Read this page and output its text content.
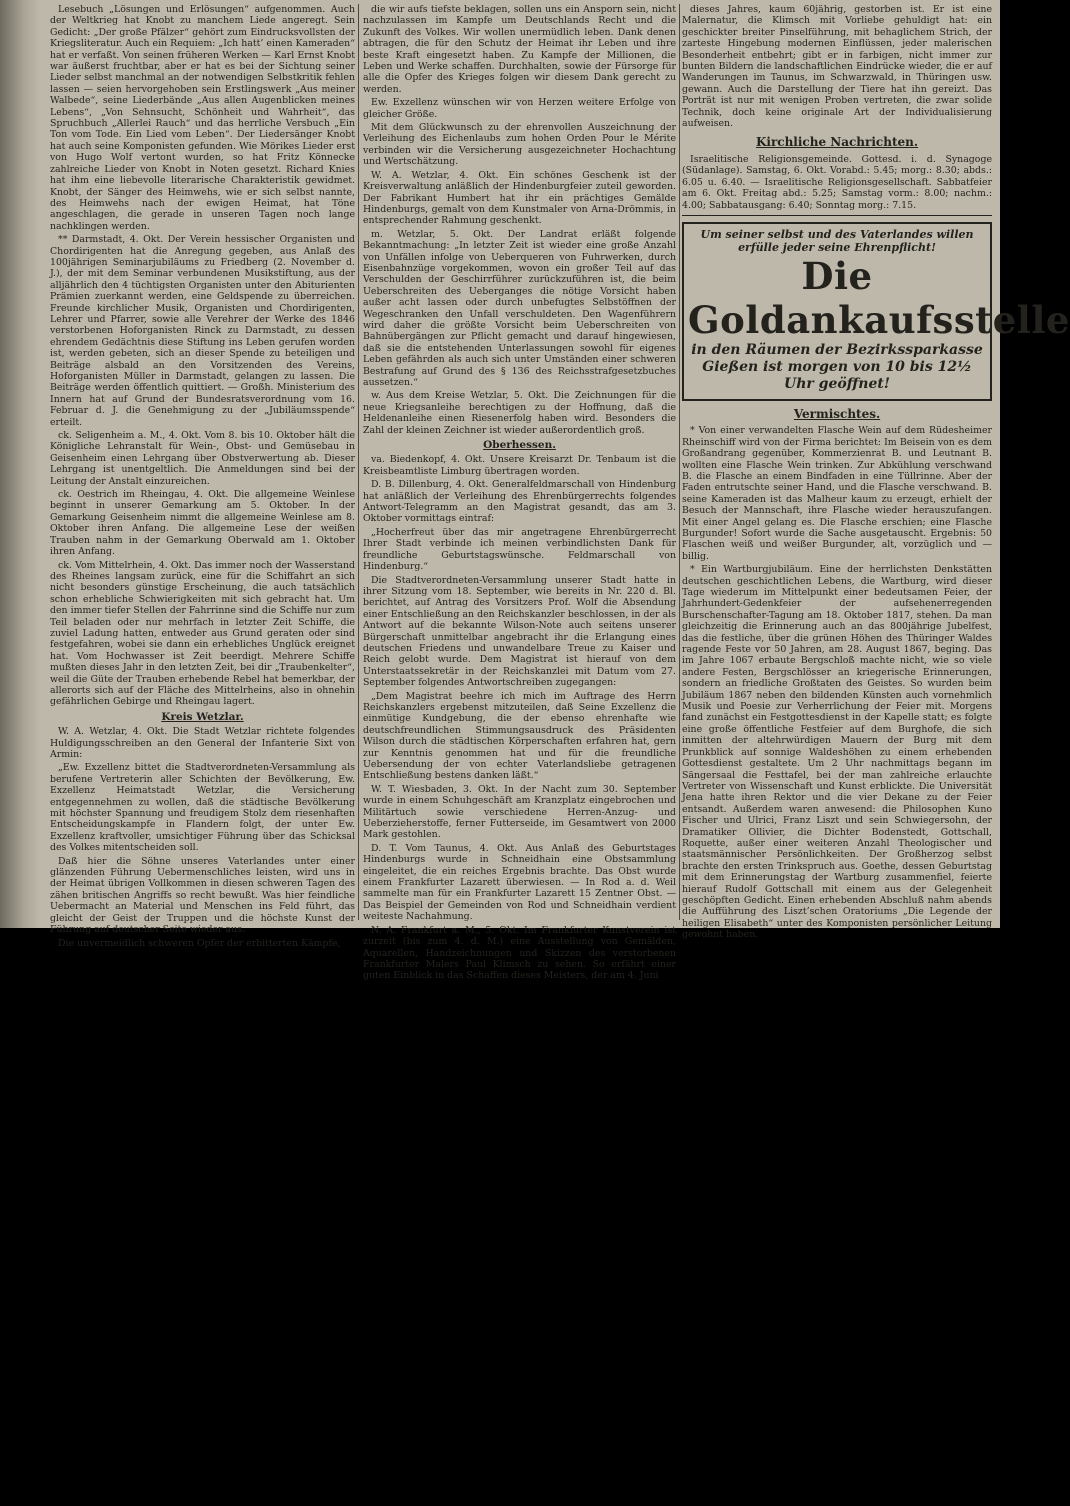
Lesebuch „Lösungen und Erlösungen“ aufgenommen. Auch der Weltkrieg hat Knobt zu manchem Liede angeregt. Sein Gedicht: „Der große Pfälzer“ gehört zum Eindrucksvollsten der Kriegsliteratur. Auch ein Requiem: „Ich hatt’ einen Kameraden“ hat er verfaßt. Von seinen früheren Werken — Karl Ernst Knobt war äußerst fruchtbar, aber er hat es bei der Sichtung seiner Lieder selbst manchmal an der notwendigen Selbstkritik fehlen lassen — seien hervorgehoben sein Erstlingswerk „Aus meiner Walbede“, seine Liederbände „Aus allen Augenblicken meines Lebens“, „Von Sehnsucht, Schönheit und Wahrheit“, das Spruchbuch „Allerlei Rauch“ und das herrliche Versbuch „Ein Ton vom Tode. Ein Lied vom Leben“. Der Liedersänger Knobt hat auch seine Komponisten gefunden. Wie Mörikes Lieder erst von Hugo Wolf vertont wurden, so hat Fritz Könnecke zahlreiche Lieder von Knobt in Noten gesetzt. Richard Knies hat ihm eine liebevolle literarische Charakteristik gewidmet. Knobt, der Sänger des Heimwehs, wie er sich selbst nannte, des Heimwehs nach der ewigen Heimat, hat Töne angeschlagen, die gerade in unseren Tagen noch lange nachklingen werden.

** Darmstadt, 4. Okt. Der Verein hessischer Organisten und Chordirigenten hat die Anregung gegeben, aus Anlaß des 100jährigen Seminarjubiläums zu Friedberg (2. November d. J.), der mit dem Seminar verbundenen Musikstiftung, aus der alljährlich den 4 tüchtigsten Organisten unter den Abiturienten Prämien zuerkannt werden, eine Geldspende zu überreichen. Freunde kirchlicher Musik, Organisten und Chordirigenten, Lehrer und Pfarrer, sowie alle Verehrer der Werke des 1846 verstorbenen Hoforganisten Rinck zu Darmstadt, zu dessen ehrendem Gedächtnis diese Stiftung ins Leben gerufen worden ist, werden gebeten, sich an dieser Spende zu beteiligen und Beiträge alsbald an den Vorsitzenden des Vereins, Hoforganisten Müller in Darmstadt, gelangen zu lassen. Die Beiträge werden öffentlich quittiert. — Großh. Ministerium des Innern hat auf Grund der Bundesratsverordnung vom 16. Februar d. J. die Genehmigung zu der „Jubiläumsspende“ erteilt.

ck. Seligenheim a. M., 4. Okt. Vom 8. bis 10. Oktober hält die Königliche Lehranstalt für Wein-, Obst- und Gemüsebau in Geisenheim einen Lehrgang über Obstverwertung ab. Dieser Lehrgang ist unentgeltlich. Die Anmeldungen sind bei der Leitung der Anstalt einzureichen.

ck. Oestrich im Rheingau, 4. Okt. Die allgemeine Weinlese beginnt in unserer Gemarkung am 5. Oktober. In der Gemarkung Geisenheim nimmt die allgemeine Weinlese am 8. Oktober ihren Anfang. Die allgemeine Lese der weißen Trauben nahm in der Gemarkung Oberwald am 1. Oktober ihren Anfang.

ck. Vom Mittelrhein, 4. Okt. Das immer noch der Wasserstand des Rheines langsam zurück, eine für die Schiffahrt an sich nicht besonders günstige Erscheinung, die auch tatsächlich schon erhebliche Schwierigkeiten mit sich gebracht hat. Um den immer tiefer Stellen der Fahrrinne sind die Schiffe nur zum Teil beladen oder nur mehrfach in letzter Zeit Schiffe, die zuviel Ladung hatten, entweder aus Grund geraten oder sind festgefahren, wobei sie dann ein erhebliches Unglück ereignet hat. Vom Hochwasser ist Zeit beerdigt. Mehrere Schiffe mußten dieses Jahr in den letzten Zeit, bei dir „Traubenkelter“, weil die Güte der Trauben erhebende Rebel hat bemerkbar, der allerorts sich auf der Fläche des Mittelrheins, also in ohnehin gefährlichen Gebirge und Rheingau lagert.

Kreis Wetzlar.

W. A. Wetzlar, 4. Okt. Die Stadt Wetzlar richtete folgendes Huldigungsschreiben an den General der Infanterie Sixt von Armin:

„Ew. Exzellenz bittet die Stadtverordneten-Versammlung als berufene Vertreterin aller Schichten der Bevölkerung, Ew. Exzellenz Heimatstadt Wetzlar, die Versicherung entgegennehmen zu wollen, daß die städtische Bevölkerung mit höchster Spannung und freudigem Stolz dem riesenhaften Entscheidungskampfe in Flandern folgt, der unter Ew. Exzellenz kraftvoller, umsichtiger Führung über das Schicksal des Volkes mitentscheiden soll.

Daß hier die Söhne unseres Vaterlandes unter einer glänzenden Führung Uebermenschliches leisten, wird uns in der Heimat übrigen Vollkommen in diesen schweren Tagen des zähen britischen Angriffs so recht bewußt. Was hier feindliche Uebermacht an Material und Menschen ins Feld führt, das gleicht der Geist der Truppen und die höchste Kunst der Führung auf deutscher Seite wieder aus.

Die unvermeidlich schweren Opfer der erbitterten Kämpfe,

die wir aufs tiefste beklagen, sollen uns ein Ansporn sein, nicht nachzulassen im Kampfe um Deutschlands Recht und die Zukunft des Volkes. Wir wollen unermüdlich leben. Dank denen abtragen, die für den Schutz der Heimat ihr Leben und ihre beste Kraft eingesetzt haben. Zu Kampfe der Millionen, die Leben und Werke schaffen. Durchhalten, sowie der Fürsorge für alle die Opfer des Krieges folgen wir diesem Dank gerecht zu werden.

Ew. Exzellenz wünschen wir von Herzen weitere Erfolge von gleicher Größe.

Mit dem Glückwunsch zu der ehrenvollen Auszeichnung der Verleihung des Eichenlaubs zum hohen Orden Pour le Mérite verbinden wir die Versicherung ausgezeichneter Hochachtung und Wertschätzung.

W. A. Wetzlar, 4. Okt. Ein schönes Geschenk ist der Kreisverwaltung anläßlich der Hindenburgfeier zuteil geworden. Der Fabrikant Humbert hat ihr ein prächtiges Gemälde Hindenburgs, gemalt von dem Kunstmaler von Arna-Drömmis, in entsprechender Rahmung geschenkt.

m. Wetzlar, 5. Okt. Der Landrat erläßt folgende Bekanntmachung: „In letzter Zeit ist wieder eine große Anzahl von Unfällen infolge von Ueberqueren von Fuhrwerken, durch Eisenbahnzüge vorgekommen, wovon ein großer Teil auf das Verschulden der Geschirrführer zurückzuführen ist, die beim Ueberschreiten des Ueberganges die nötige Vorsicht haben außer acht lassen oder durch unbefugtes Selbstöffnen der Wegeschranken den Unfall verschuldeten. Den Wagenführern wird daher die größte Vorsicht beim Ueberschreiten von Bahnübergängen zur Pflicht gemacht und darauf hingewiesen, daß sie die entstehenden Unterlassungen sowohl für eigenes Leben gefährden als auch sich unter Umständen einer schweren Bestrafung auf Grund des § 136 des Reichsstrafgesetzbuches aussetzen.“

w. Aus dem Kreise Wetzlar, 5. Okt. Die Zeichnungen für die neue Kriegsanleihe berechtigen zu der Hoffnung, daß die Heldenanleihe einen Riesenerfolg haben wird. Besonders die Zahl der kleinen Zeichner ist wieder außerordentlich groß.

Oberhessen.

va. Biedenkopf, 4. Okt. Unsere Kreisarzt Dr. Tenbaum ist die Kreisbeamtliste Limburg übertragen worden.

D. B. Dillenburg, 4. Okt. Generalfeldmarschall von Hindenburg hat anläßlich der Verleihung des Ehrenbürgerrechts folgendes Antwort-Telegramm an den Magistrat gesandt, das am 3. Oktober vormittags eintraf:

„Hocherfreut über das mir angetragene Ehrenbürgerrecht Ihrer Stadt verbinde ich meinen verbindlichsten Dank für freundliche Geburtstagswünsche. Feldmarschall von Hindenburg.“

Die Stadtverordneten-Versammlung unserer Stadt hatte in ihrer Sitzung vom 18. September, wie bereits in Nr. 220 d. Bl. berichtet, auf Antrag des Vorsitzers Prof. Wolf die Absendung einer Entschließung an den Reichskanzler beschlossen, in der als Antwort auf die bekannte Wilson-Note auch seitens unserer Bürgerschaft unmittelbar angebracht ihr die Erlangung eines deutschen Friedens und unwandelbare Treue zu Kaiser und Reich gelobt wurde. Dem Magistrat ist hierauf von dem Unterstaatssekretär in der Reichskanzlei mit Datum vom 27. September folgendes Antwortschreiben zugegangen:

„Dem Magistrat beehre ich mich im Auftrage des Herrn Reichskanzlers ergebenst mitzuteilen, daß Seine Exzellenz die einmütige Kundgebung, die der ebenso ehrenhafte wie deutschfreundlichen Stimmungsausdruck des Präsidenten Wilson durch die städtischen Körperschaften erfahren hat, gern zur Kenntnis genommen hat und für die freundliche Uebersendung der von echter Vaterlandsliebe getragenen Entschließung bestens danken läßt.“

W. T. Wiesbaden, 3. Okt. In der Nacht zum 30. September wurde in einem Schuhgeschäft am Kranzplatz eingebrochen und Militärtuch sowie verschiedene Herren-Anzug- und Ueberzieherstoffe, ferner Futterseide, im Gesamtwert von 2000 Mark gestohlen.

D. T. Vom Taunus, 4. Okt. Aus Anlaß des Geburtstages Hindenburgs wurde in Schneidhain eine Obstsammlung eingeleitet, die ein reiches Ergebnis brachte. Das Obst wurde einem Frankfurter Lazarett überwiesen. — In Rod a. d. Weil sammelte man für ein Frankfurter Lazarett 15 Zentner Obst. — Das Beispiel der Gemeinden von Rod und Schneidhain verdient weiteste Nachahmung.

N. A. Frankfurt a. M., 5. Okt. Im Frankfurter Kunstverein ist zurzeit (bis zum 4. d. M.) eine Ausstellung von Gemälden, Aquarellen, Handzeichnungen und Skizzen des verstorbenen Frankfurter Malers Paul Klimsch zu sehen. So erfährt einer guten Einblick in das Schaffen dieses Meisters, der am 4. Juni

dieses Jahres, kaum 60jährig, gestorben ist. Er ist eine Malernatur, die Klimsch mit Vorliebe gehuldigt hat: ein geschickter breiter Pinselführung, mit behaglichem Strich, der zarteste Hingebung modernen Einflüssen, jeder malerischen Besonderheit entbehrt; gibt er in farbigen, nicht immer zur bunten Bildern die landschaftlichen Eindrücke wieder, die er auf Wanderungen im Taunus, im Schwarzwald, in Thüringen usw. gewann. Auch die Darstellung der Tiere hat ihn gereizt. Das Porträt ist nur mit wenigen Proben vertreten, die zwar solide Technik, doch keine originale Art der Individualisierung aufweisen.

Kirchliche Nachrichten.

Israelitische Religionsgemeinde. Gottesd. i. d. Synagoge (Südanlage). Samstag, 6. Okt. Vorabd.: 5.45; morg.: 8.30; abds.: 6.05 u. 6.40. — Israelitische Religionsgesellschaft. Sabbatfeier am 6. Okt. Freitag abd.: 5.25; Samstag vorm.: 8.00; nachm.: 4.00; Sabbatausgang: 6.40; Sonntag morg.: 7.15.

Um seiner selbst und des Vaterlandes willen erfülle jeder seine Ehrenpflicht!
Die Goldankaufsstelle
in den Räumen der Bezirkssparkasse Gießen ist morgen von 10 bis 12½ Uhr geöffnet!
Vermischtes.

* Von einer verwandelten Flasche Wein auf dem Rüdesheimer Rheinschiff wird von der Firma berichtet: Im Beisein von es dem Großandrang gegenüber, Kommerzienrat B. und Leutnant B. wollten eine Flasche Wein trinken. Zur Abkühlung verschwand B. die Flasche an einem Bindfaden in eine Tüllrinne. Aber der Faden entrutschte seiner Hand, und die Flasche verschwand. B. seine Kameraden ist das Malheur kaum zu erzeugt, erhielt der Besuch der Mannschaft, ihre Flasche wieder herauszufangen. Mit einer Angel gelang es. Die Flasche erschien; eine Flasche Burgunder! Sofort wurde die Sache ausgetauscht. Ergebnis: 50 Flaschen weiß und weißer Burgunder, alt, vorzüglich und — billig.

* Ein Wartburgjubiläum. Eine der herrlichsten Denkstätten deutschen geschichtlichen Lebens, die Wartburg, wird dieser Tage wiederum im Mittelpunkt einer bedeutsamen Feier, der Jahrhundert-Gedenkfeier der aufsehenerregenden Burschenschafter-Tagung am 18. Oktober 1817, stehen. Da man gleichzeitig die Erinnerung auch an das 800jährige Jubelfest, das die festliche, über die grünen Höhen des Thüringer Waldes ragende Feste vor 50 Jahren, am 28. August 1867, beging. Das im Jahre 1067 erbaute Bergschloß machte nicht, wie so viele andere Festen, Bergschlösser an kriegerische Erinnerungen, sondern an friedliche Großtaten des Geistes. So wurden beim Jubiläum 1867 neben den bildenden Künsten auch vornehmlich Musik und Poesie zur Verherrlichung der Feier mit. Morgens fand zunächst ein Festgottesdienst in der Kapelle statt; es folgte eine große öffentliche Festfeier auf dem Burghofe, die sich inmitten der altehrwürdigen Mauern der Burg mit dem Prunkblick auf sonnige Waldeshöhen zu einem erhebenden Gottesdienst gestaltete. Um 2 Uhr nachmittags begann im Sängersaal die Festtafel, bei der man zahlreiche erlauchte Vertreter von Wissenschaft und Kunst erblickte. Die Universität Jena hatte ihren Rektor und die vier Dekane zu der Feier entsandt. Außerdem waren anwesend: die Philosophen Kuno Fischer und Ulrici, Franz Liszt und sein Schwiegersohn, der Dramatiker Ollivier, die Dichter Bodenstedt, Gottschall, Roquette, außer einer weiteren Anzahl Theologischer und staatsmännischer Persönlichkeiten. Der Großherzog selbst brachte den ersten Trinkspruch aus. Goethe, dessen Geburtstag mit dem Erinnerungstag der Wartburg zusammenfiel, feierte hierauf Rudolf Gottschall mit einem aus der Gelegenheit geschöpften Gedicht. Einen erhebenden Abschluß nahm abends die Aufführung des Liszt’schen Oratoriums „Die Legende der heiligen Elisabeth“ unter des Komponisten persönlicher Leitung gewohnt haben.
